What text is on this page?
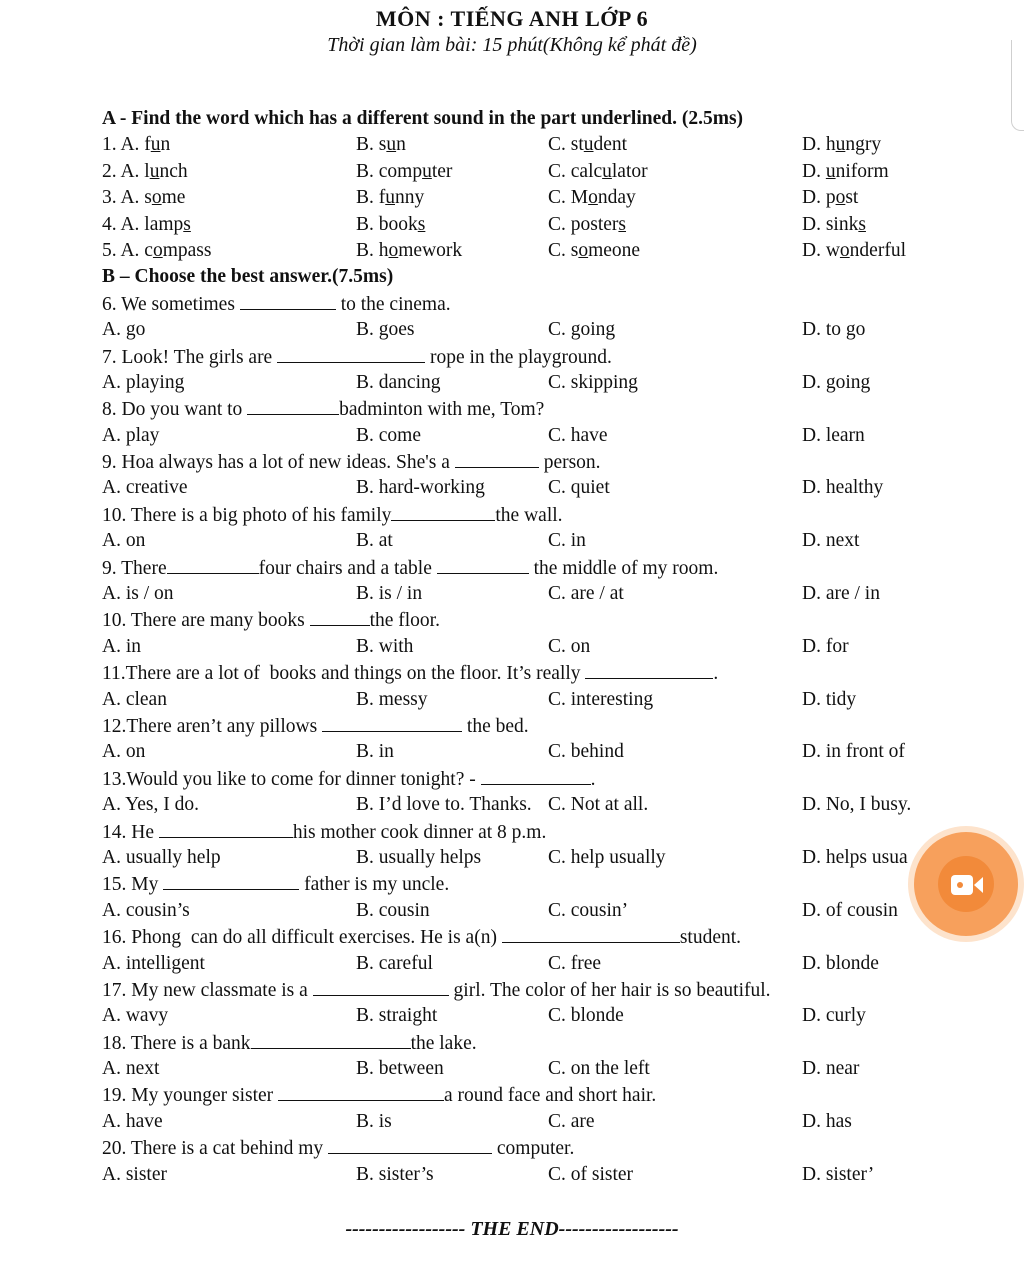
MÔN : TIẾNG ANH LỚP 6
Thời gian làm bài: 15 phút(Không kể phát đề)
A - Find the word which has a different sound in the part underlined. (2.5ms)
1. A. fun	B. sun	C. student	D. hungry
2. A. lunch	B. computer	C. calculator	D. uniform
3. A. some	B. funny	C. Monday	D. post
4. A. lamps	B. books	C. posters	D. sinks
5. A. compass	B. homework	C. someone	D. wonderful
B – Choose the best answer.(7.5ms)
6. We sometimes	to the cinema.
A. go	B. goes	C. going	D. to go
7. Look! The girls are	rope in the playground.
A. playing	B. dancing	C. skipping	D. going
8. Do you want to	badminton with me, Tom?
A. play	B. come	C. have	D. learn
9. Hoa always has a lot of new ideas. She's a	person.
A. creative	B. hard-working	C. quiet	D. healthy
10. There is a big photo of his family	the wall.
A. on	B. at	C. in	D. next
9. There	four chairs and a table	the middle of my room.
A. is / on	B. is / in	C. are / at	D. are / in
10. There are many books	the floor.
A. in	B. with	C. on	D. for
11.There are a lot of  books and things on the floor. It’s really	.
A. clean	B. messy	C. interesting	D. tidy
12.There aren’t any pillows	the bed.
A. on	B. in	C. behind	D. in front of
13.Would you like to come for dinner tonight? -	.
A. Yes, I do.	B. I’d love to. Thanks. C. Not at all.	D. No, I busy.
14. He	his mother cook dinner at 8 p.m.
A. usually help	B. usually helps	C. help usually	D. helps usua
15. My	father is my uncle.
A. cousin’s	B. cousin	C. cousin’	D. of cousin
16. Phong  can do all difficult exercises. He is a(n)	student.
A. intelligent	B. careful	C. free	D. blonde
17. My new classmate is a	girl. The color of her hair is so beautiful.
A. wavy	B. straight	C. blonde	D. curly
18. There is a bank	the lake.
A. next	B. between	C. on the left	D. near
19. My younger sister	a round face and short hair.
A. have	B. is	C. are	D. has
20. There is a cat behind my	computer.
A. sister	B. sister’s	C. of sister	D. sister’
------------------ THE END------------------
